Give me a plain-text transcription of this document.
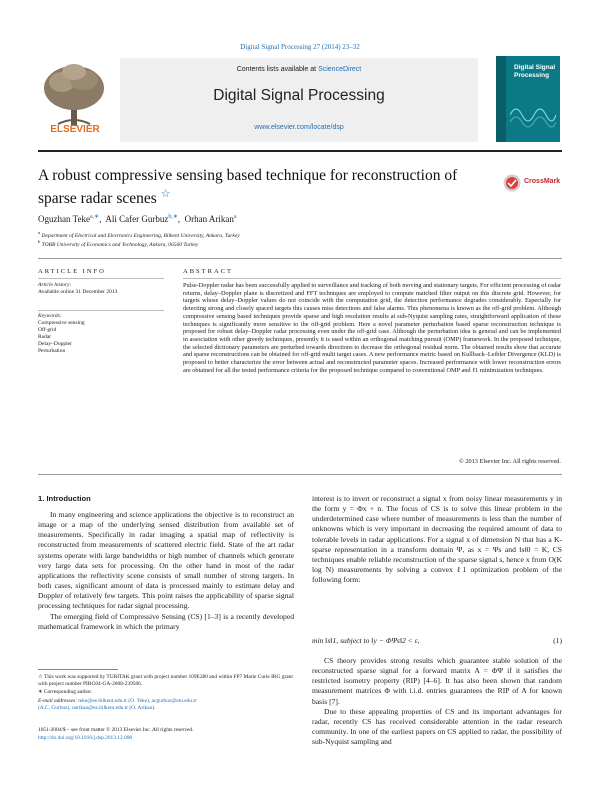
Digital Signal Processing 27 (2014) 23–32
ELSEVIER
Contents lists available at ScienceDirect
Digital Signal Processing
www.elsevier.com/locate/dsp
Digital Signal Processing
A robust compressive sensing based technique for reconstruction of sparse radar scenes ☆
CrossMark
Oguzhan Teke$^{a,∗}$,  Ali Cafer Gurbuz$^{b,∗}$,  Orhan Arikan$^a$
$^a$ Department of Electrical and Electronics Engineering, Bilkent University, Ankara, Turkey
$^b$ TOBB University of Economics and Technology, Ankara, 06560 Turkey
ARTICLE INFO
Article history:
Available online 31 December 2013
Keywords:
Compressive sensing
Off-grid
Radar
Delay–Doppler
Perturbation
ABSTRACT
Pulse-Doppler radar has been successfully applied to surveillance and tracking of both moving and stationary targets. For efficient processing of radar returns, delay–Doppler plane is discretized and FFT techniques are employed to compute matched filter output on this discrete grid. However, for targets whose delay–Doppler values do not coincide with the computation grid, the detection performance degrades considerably. Especially for detecting strong and closely spaced targets this causes miss detections and false alarms. This phenomena is known as the off-grid problem. Although compressive sensing based techniques provide sparse and high resolution results at sub-Nyquist sampling rates, straightforward application of these techniques is significantly more sensitive to the off-grid problem. Here a novel parameter perturbation based sparse reconstruction technique is proposed for robust delay–Doppler radar processing even under the off-grid case. Although the perturbation idea is general and can be implemented in association with other greedy techniques, presently it is used within an orthogonal matching pursuit (OMP) framework. In the proposed technique, the selected dictionary parameters are perturbed towards directions to decrease the orthogonal residual norm. The obtained results show that accurate and sparse reconstructions can be obtained for off-grid multi target cases. A new performance metric based on Kullback–Leibler Divergence (KLD) is proposed to better characterize the error between actual and reconstructed parameter spaces. Increased performance with lower reconstruction errors are obtained for all the tested performance criteria for the proposed technique compared to conventional OMP and ℓ1 minimization techniques.
© 2013 Elsevier Inc. All rights reserved.
1. Introduction
In many engineering and science applications the objective is to reconstruct an image or a map of the underlying sensed distribution from available set of measurements. Specifically in radar imaging a spatial map of reflectivity is reconstructed from measurements of scattered electric field. State of the art radar systems operate with large bandwidths or high number of channels which generate very large data sets for processing. On the other hand in most of the radar applications the reflectivity scene consists of small number of strong targets. In both cases, significant amount of data is processed mainly to estimate delay and Doppler of relatively few targets. This point raises the applicability of sparse signal processing techniques for radar signal processing.
The emerging field of Compressive Sensing (CS) [1–3] is a recently developed mathematical framework in which the primary
interest is to invert or reconstruct a signal x from noisy linear measurements y in the form y = Φx + n. The focus of CS is to solve this linear problem in the underdetermined case where number of measurements is less than the number of unknowns which is very important in decreasing the required amount of data to tolerable levels in radar applications. For a signal x of dimension N that has a K-sparse representation in a transform domain Ψ, as x = Ψs and ‖s‖0 = K, CS techniques enable reliable reconstruction of the sparse signal s, hence x from O(K log N) measurements by solving a convex ℓ1 optimization problem of the following form:
min ‖s‖1, subject to ‖y − ΦΨs‖2 < ε,	(1)
CS theory provides strong results which guarantee stable solution of the reconstructed sparse signal for a forward matrix A = ΦΨ if it satisfies the restricted isometry property (RIP) [4–6]. It has also been shown that random measurement matrices Φ with i.i.d. entries guarantees the RIP of A for known basis [7].
Due to these appealing properties of CS and its important advantages for radar, recently CS has received considerable attention in the radar research community. In one of the earliest papers on CS applied to radar, the possibility of sub-Nyquist sampling and
☆ This work was supported by TUBITAK grant with project number 109E280 and within FP7 Marie Curie IRG grant with project number PIRG04-GA-2008-239506.
∗ Corresponding author.
E-mail addresses: teke@ee.bilkent.edu.tr (O. Teke), acgurbuz@etu.edu.tr
(A.C. Gurbuz), oarikan@ee.bilkent.edu.tr (O. Arikan).
1051-2004/$ – see front matter © 2013 Elsevier Inc. All rights reserved.
http://dx.doi.org/10.1016/j.dsp.2013.12.008
